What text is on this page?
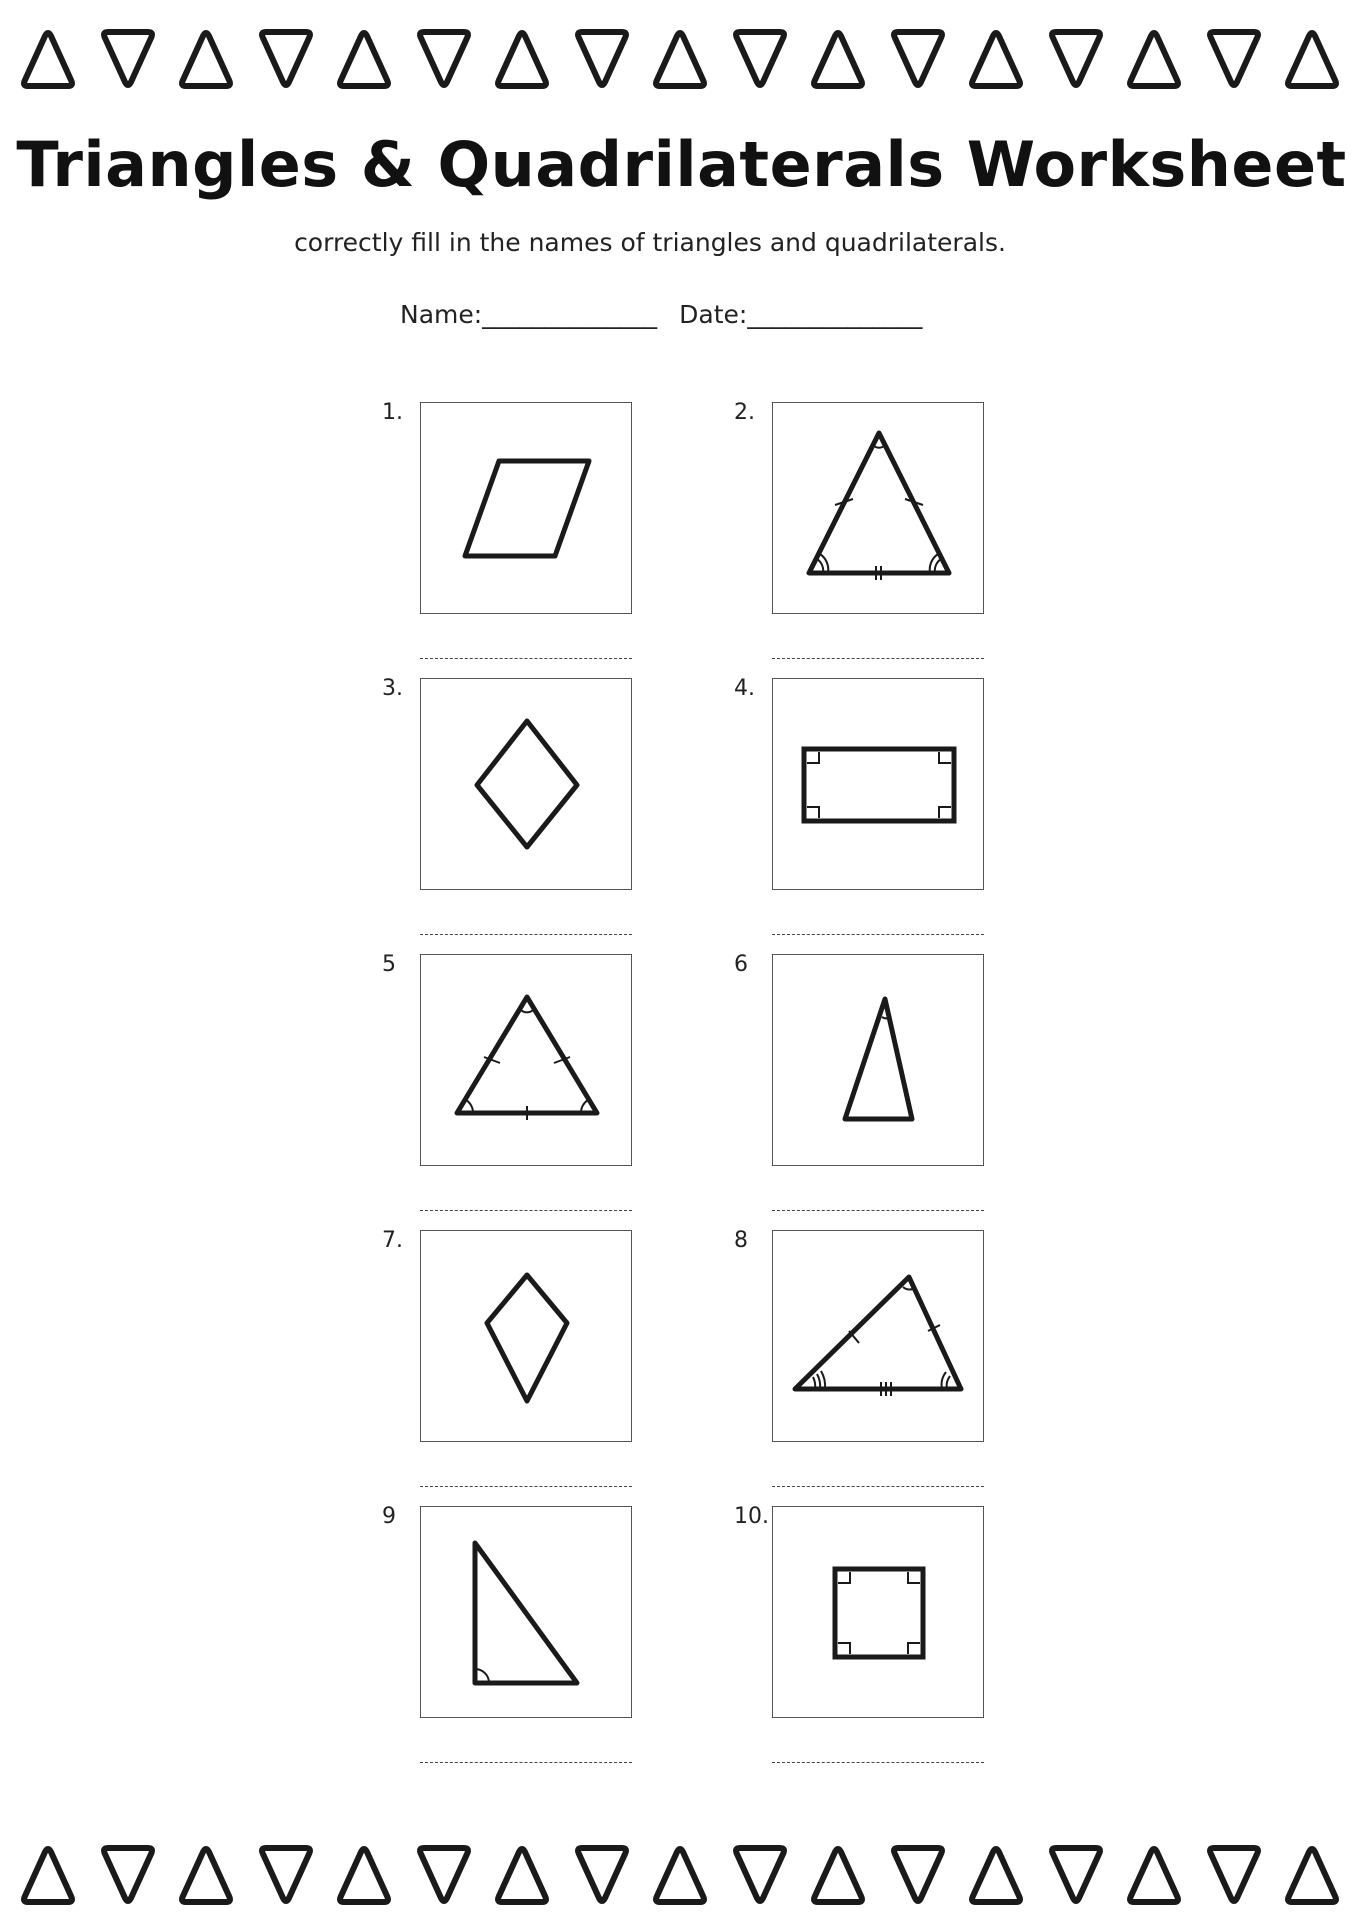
Triangles & Quadrilaterals Worksheet
correctly fill in the names of triangles and quadrilaterals.
Name:______________ Date:______________
1.	2.
3.	4.
5	6
7.	8
9	10.
